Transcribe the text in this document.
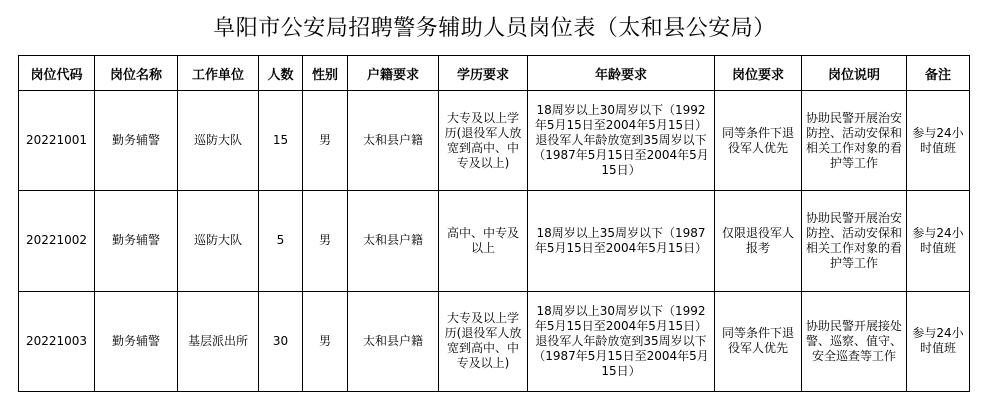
阜阳市公安局招聘警务辅助人员岗位表（太和县公安局）
岗位代码	岗位名称	工作单位	人数	性别	户籍要求	学历要求	年龄要求	岗位要求	岗位说明	备注
20221001	勤务辅警	巡防大队	15	男	太和县户籍	大专及以上学历(退役军人放宽到高中、中专及以上)	18周岁以上30周岁以下（1992年5月15日至2004年5月15日）退役军人年龄放宽到35周岁以下（1987年5月15日至2004年5月15日）	同等条件下退役军人优先	协助民警开展治安防控、活动安保和相关工作对象的看护等工作	参与24小时值班
20221002	勤务辅警	巡防大队	5	男	太和县户籍	高中、中专及以上	18周岁以上35周岁以下（1987年5月15日至2004年5月15日）	仅限退役军人报考	协助民警开展治安防控、活动安保和相关工作对象的看护等工作	参与24小时值班
20221003	勤务辅警	基层派出所	30	男	太和县户籍	大专及以上学历(退役军人放宽到高中、中专及以上)	18周岁以上30周岁以下（1992年5月15日至2004年5月15日）退役军人年龄放宽到35周岁以下（1987年5月15日至2004年5月15日）	同等条件下退役军人优先	协助民警开展接处警、巡察、值守、安全巡查等工作	参与24小时值班
